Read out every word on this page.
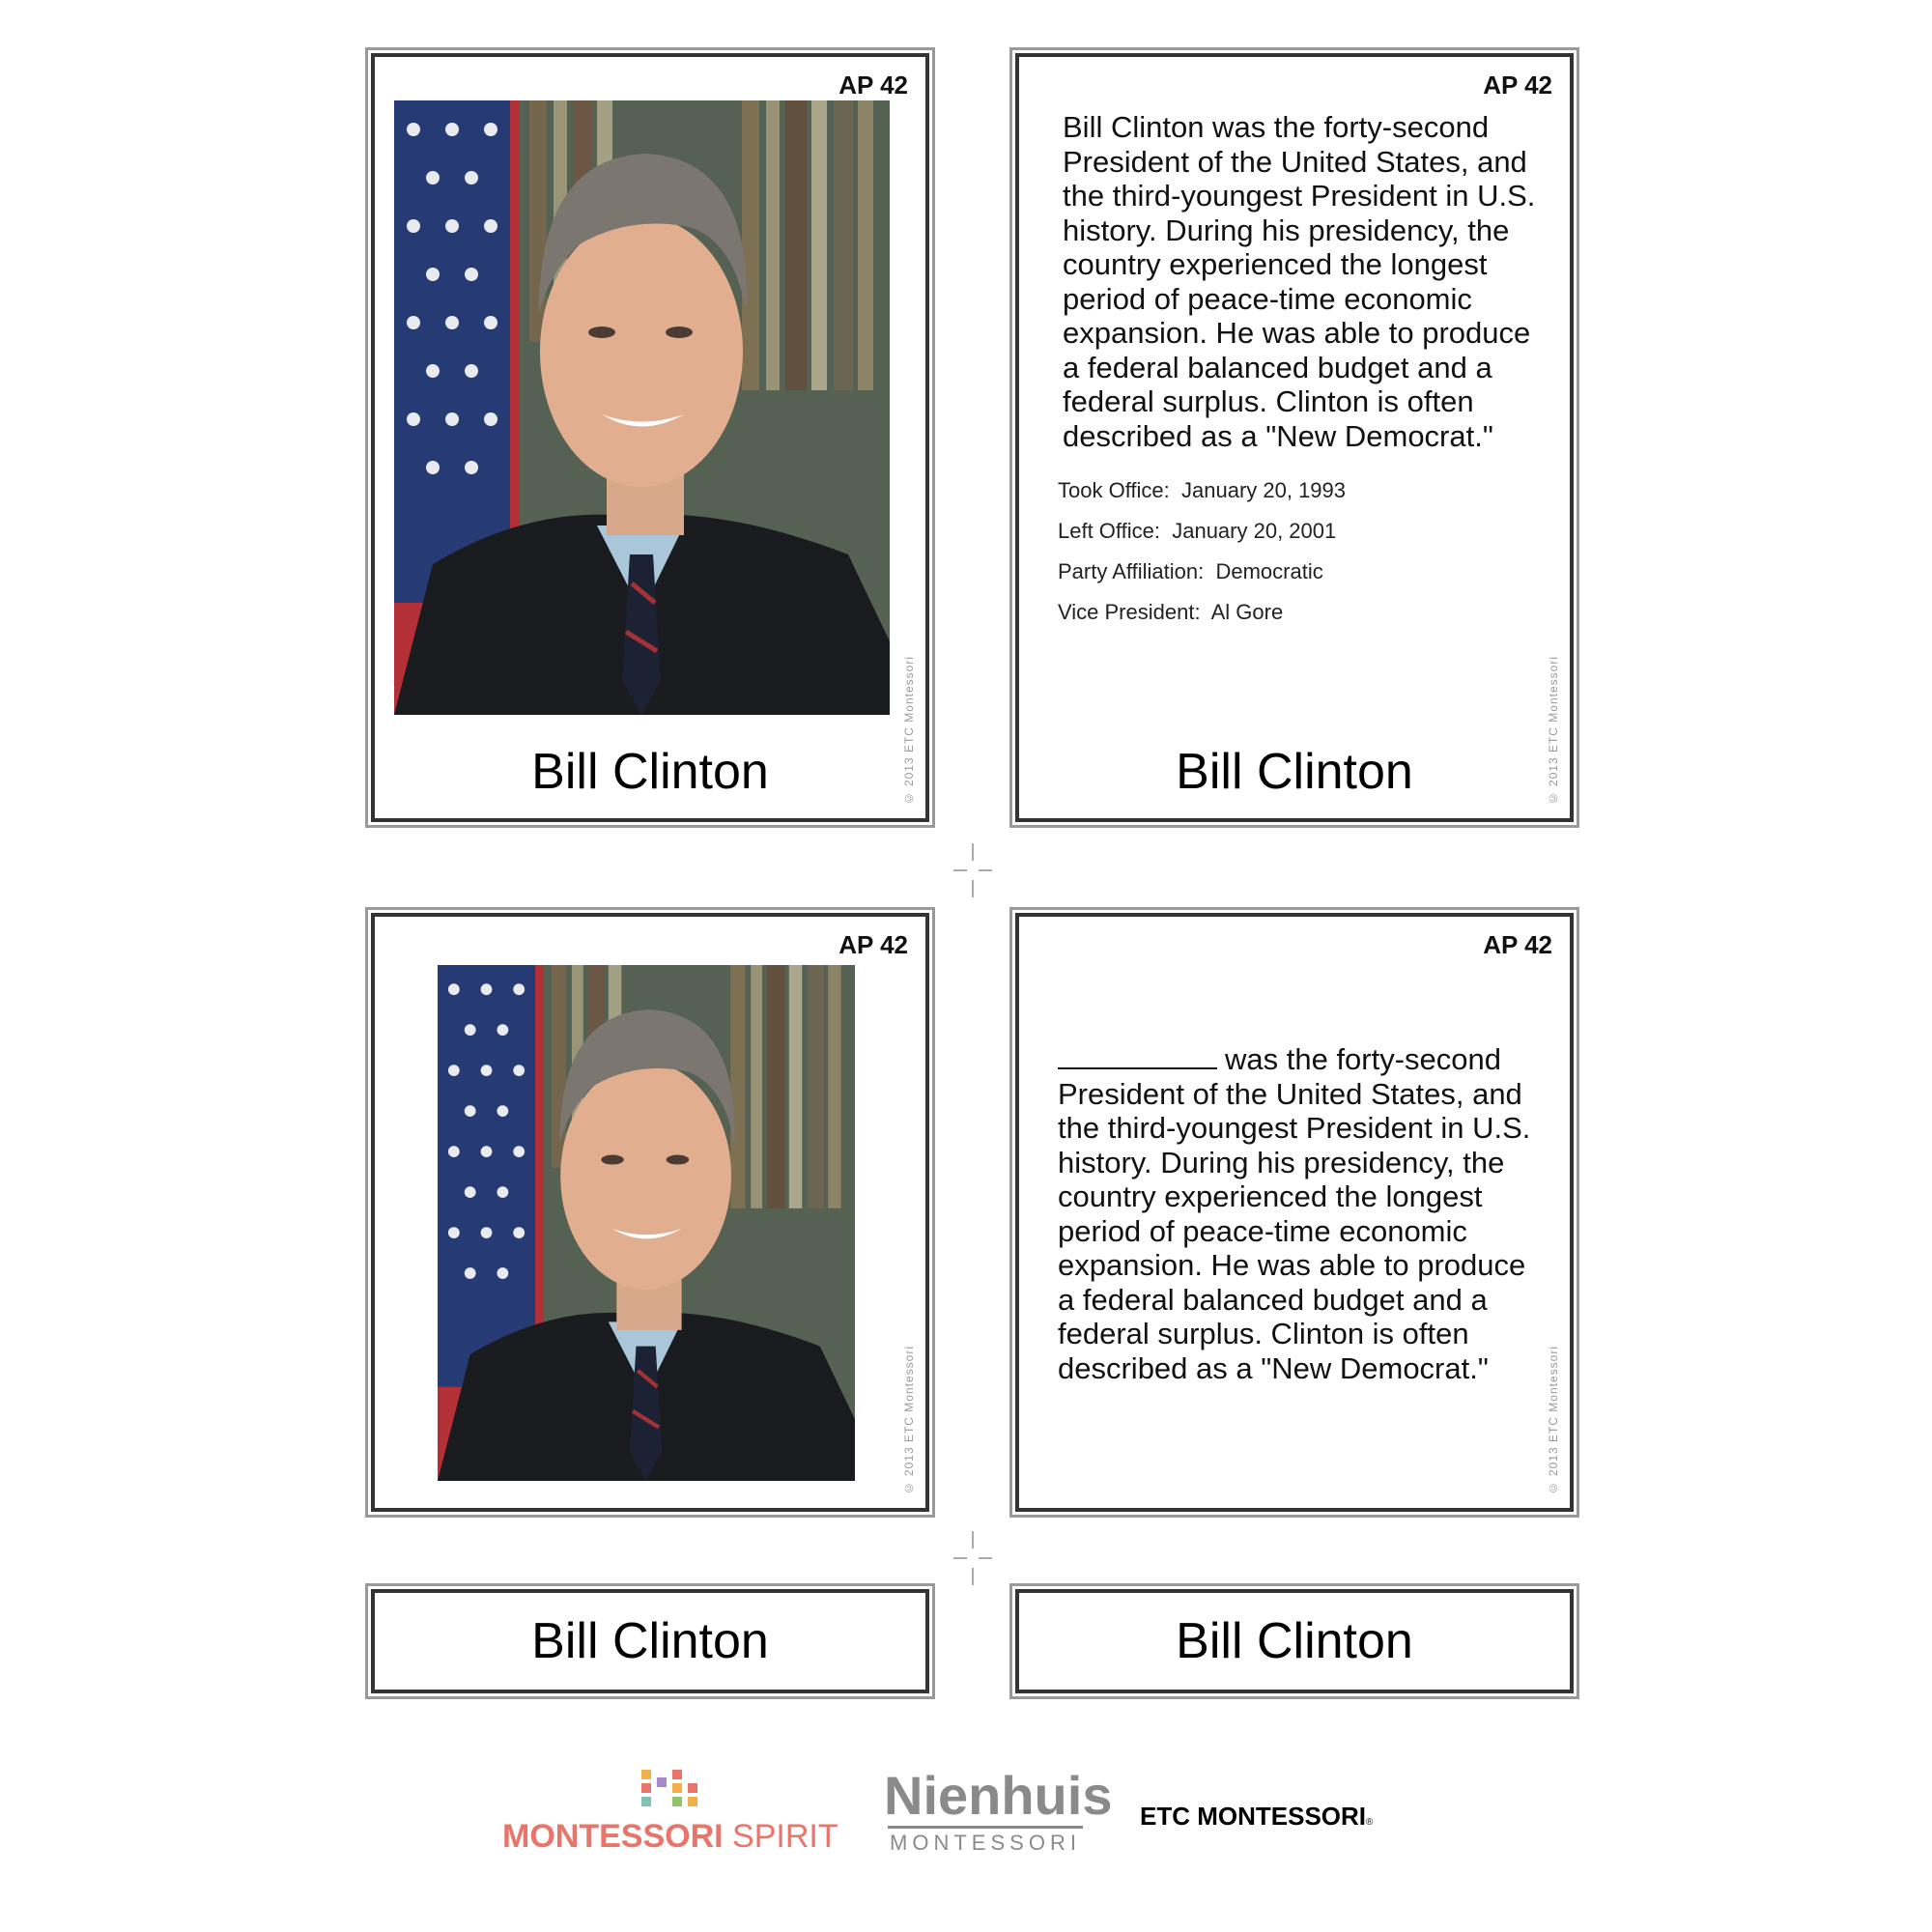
AP 42
Bill Clinton	© 2013 ETC Montessori
AP 42
Bill Clinton was the forty-second President of the United States, and the third-youngest President in U.S. history. During his presidency, the country experienced the longest period of peace-time economic expansion. He was able to produce a federal balanced budget and a federal surplus. Clinton is often described as a "New Democrat."
Took Office: January 20, 1993
Left Office: January 20, 2001
Party Affiliation: Democratic
Vice President: Al Gore
Bill Clinton	© 2013 ETC Montessori
AP 42
© 2013 ETC Montessori
AP 42
was the forty-second President of the United States, and the third-youngest President in U.S. history. During his presidency, the country experienced the longest period of peace-time economic expansion. He was able to produce a federal balanced budget and a federal surplus. Clinton is often described as a "New Democrat."	© 2013 ETC Montessori
Bill Clinton	Bill Clinton
MONTESSORI SPIRIT
Nienhuis
MONTESSORI
ETC MONTESSORI®
